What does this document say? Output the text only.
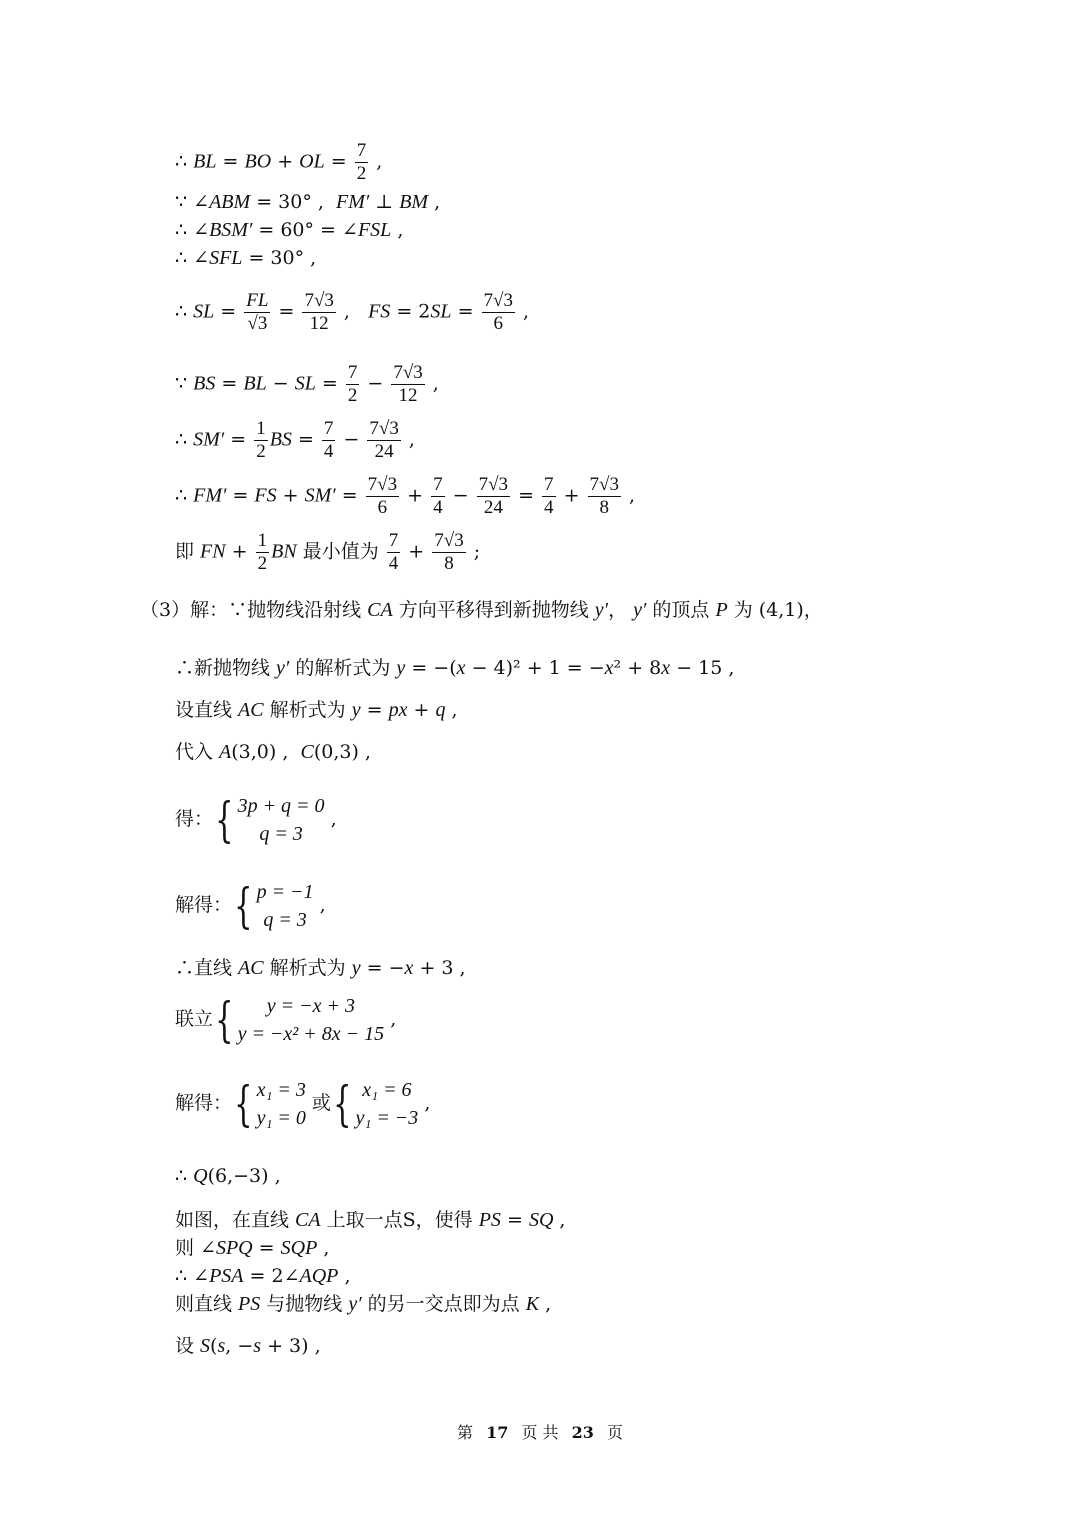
∴ BL = BO + OL = $\frac{7}{2}$ ,
∵ ∠ABM = 30° ,  FM′ ⊥ BM ,
∴ ∠BSM′ = 60° = ∠FSL ,
∴ ∠SFL = 30° ,
∴ SL = $\frac{FL}{√3} = \frac{7√3}{12}$ ,   FS = $2SL = \frac{7√3}{6}$ ,
∵ BS = BL − SL = $\frac{7}{2} - \frac{7√3}{12}$ ,
∴ $SM' = \frac{1}{2}$ BS = $\frac{7}{4} - \frac{7√3}{24}$ ,
∴ FM′ = FS + $SM' = \frac{7√3}{6} + \frac{7}{4} - \frac{7√3}{24} = \frac{7}{4} + \frac{7√3}{8}$ ,
即 FN + $\frac{1}{2}$ BN 最小值为 $\frac{7}{4} + \frac{7√3}{8}$ ;
（3）解：∵抛物线沿射线 CA 方向平移得到新抛物线 y′， y′ 的顶点 P 为 (4,1)，
∴新抛物线 y′ 的解析式为 y = −(x − 4)² + 1 = −x² + 8x − 15 ,
设直线 AC 解析式为 y = px + q ,
代入 A(3,0) ,  C(0,3) ,
得：{ 3p + q = 0
q = 3
,
解得：{ p = −1
q = 3
,
∴直线 AC 解析式为 y = −x + 3 ,
联立{	y = −x + 3
y = −x² + 8x − 15
,
解得：{ x₁ = 3
y₁ = 0
或{ x₁ = 6
y₁ = −3
,
∴ Q(6,−3) ,
如图，在直线 CA 上取一点S，使得 PS = SQ ,
则 ∠SPQ = SQP ,
∴ ∠PSA = 2∠AQP ,
则直线 PS 与抛物线 y′ 的另一交点即为点 K ,
设 S(s, −s + 3) ,
第 17 页 共 23 页
